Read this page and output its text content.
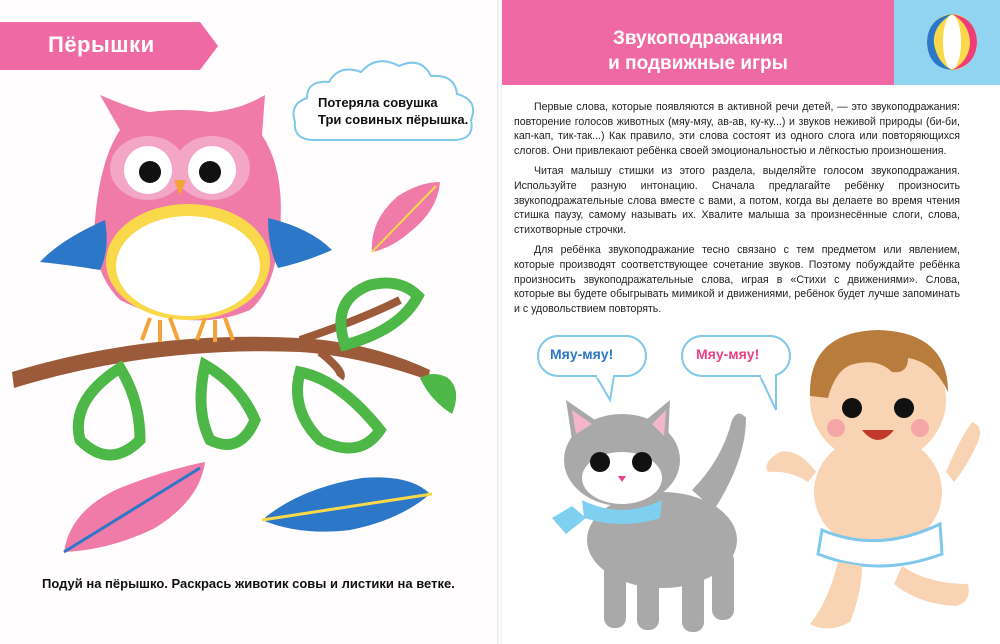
Пёрышки
Потеряла совушка
Три совиных пёрышка.
Подуй на пёрышко. Раскрась животик совы и листики на ветке.
Звукоподражания
и подвижные игры

Первые слова, которые появляются в активной речи детей, — это звукоподражания: повторение голосов животных (мяу-мяу, ав-ав, ку-ку...) и звуков неживой природы (би-би, кап-кап, тик-так...) Как правило, эти слова состоят из одного слога или повторяющихся слогов. Они привлекают ребёнка своей эмоциональностью и лёгкостью произношения.

Читая малышу стишки из этого раздела, выделяйте голосом звукоподражания. Используйте разную интонацию. Сначала предлагайте ребёнку произносить звукоподражательные слова вместе с вами, а потом, когда вы делаете во время чтения стишка паузу, самому называть их. Хвалите малыша за произнесённые слоги, слова, стихотворные строчки.

Для ребёнка звукоподражание тесно связано с тем предметом или явлением, которые производят соответствующее сочетание звуков. Поэтому побуждайте ребёнка произносить звукоподражательные слова, играя в «Стихи с движениями». Слова, которые вы будете обыгрывать мимикой и движениями, ребёнок будет лучше запоминать и с удовольствием повторять.

Мяу-мяу!	Мяу-мяу!
